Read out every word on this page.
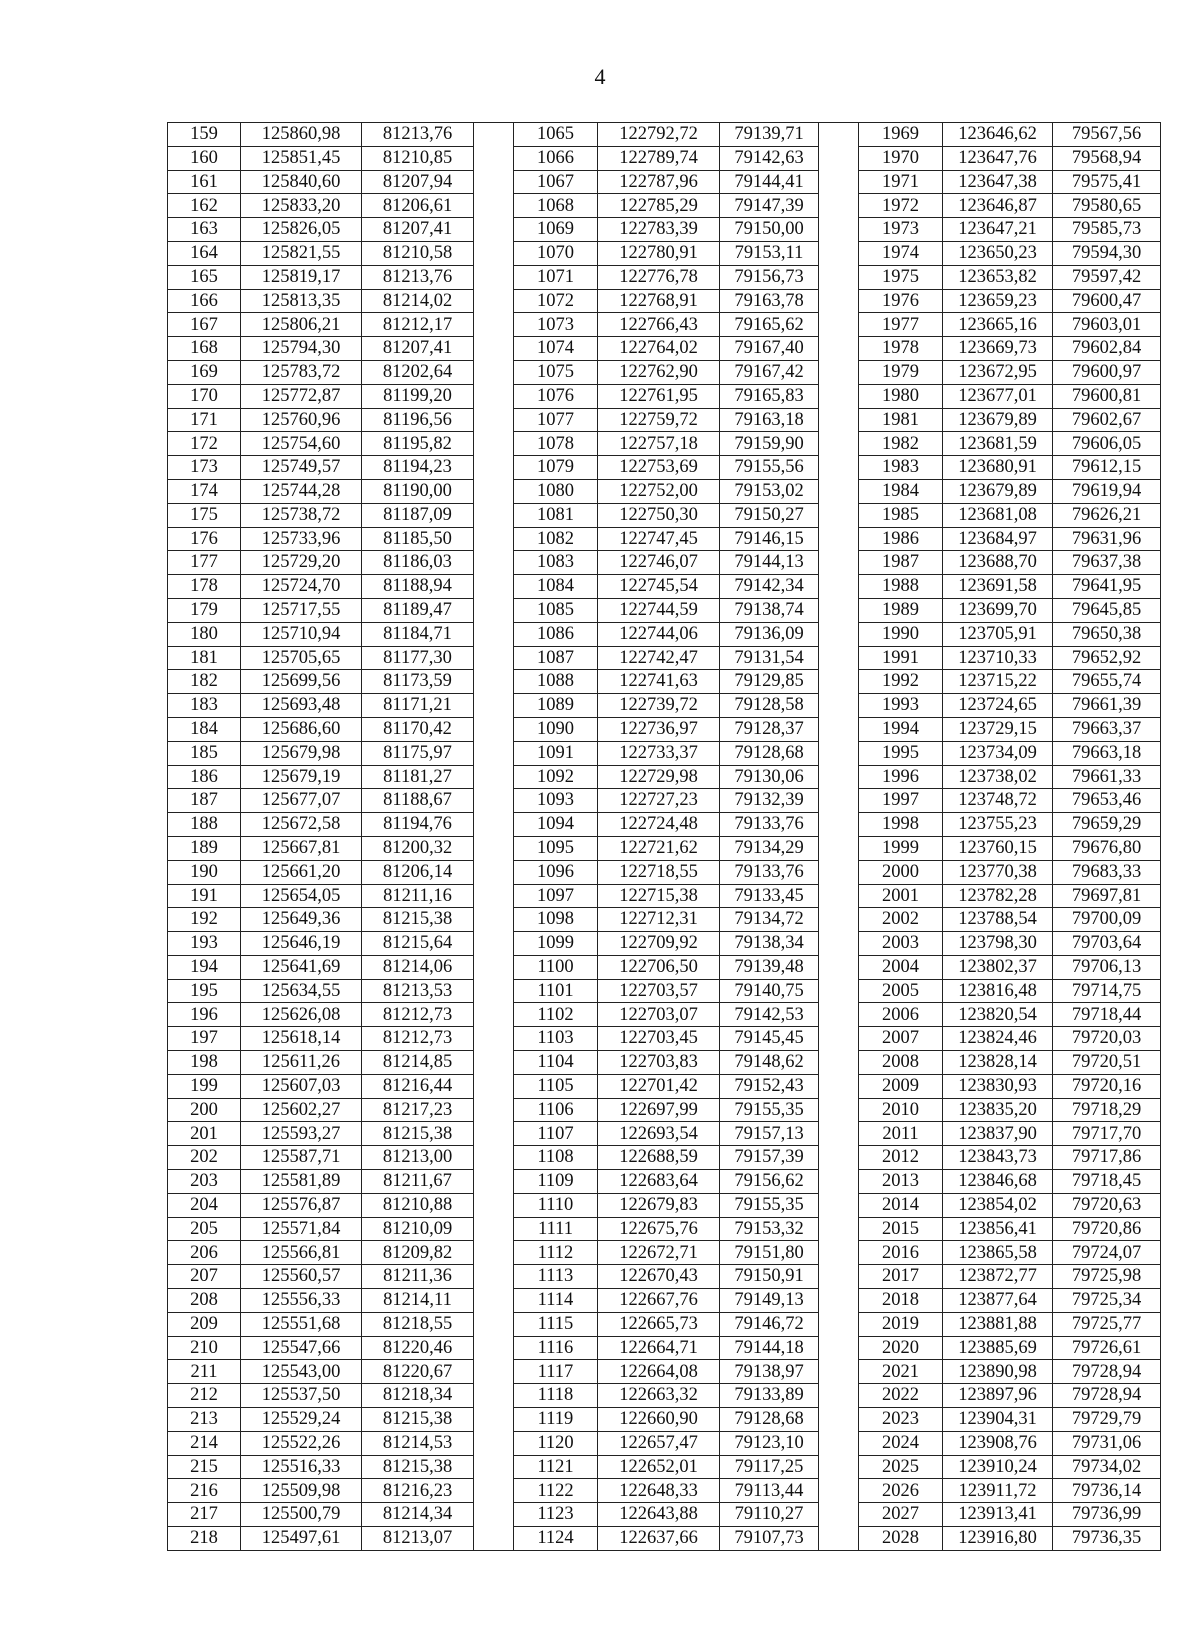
4
159	125860,98	81213,76		1065	122792,72	79139,71		1969	123646,62	79567,56
160	125851,45	81210,85		1066	122789,74	79142,63		1970	123647,76	79568,94
161	125840,60	81207,94		1067	122787,96	79144,41		1971	123647,38	79575,41
162	125833,20	81206,61		1068	122785,29	79147,39		1972	123646,87	79580,65
163	125826,05	81207,41		1069	122783,39	79150,00		1973	123647,21	79585,73
164	125821,55	81210,58		1070	122780,91	79153,11		1974	123650,23	79594,30
165	125819,17	81213,76		1071	122776,78	79156,73		1975	123653,82	79597,42
166	125813,35	81214,02		1072	122768,91	79163,78		1976	123659,23	79600,47
167	125806,21	81212,17		1073	122766,43	79165,62		1977	123665,16	79603,01
168	125794,30	81207,41		1074	122764,02	79167,40		1978	123669,73	79602,84
169	125783,72	81202,64		1075	122762,90	79167,42		1979	123672,95	79600,97
170	125772,87	81199,20		1076	122761,95	79165,83		1980	123677,01	79600,81
171	125760,96	81196,56		1077	122759,72	79163,18		1981	123679,89	79602,67
172	125754,60	81195,82		1078	122757,18	79159,90		1982	123681,59	79606,05
173	125749,57	81194,23		1079	122753,69	79155,56		1983	123680,91	79612,15
174	125744,28	81190,00		1080	122752,00	79153,02		1984	123679,89	79619,94
175	125738,72	81187,09		1081	122750,30	79150,27		1985	123681,08	79626,21
176	125733,96	81185,50		1082	122747,45	79146,15		1986	123684,97	79631,96
177	125729,20	81186,03		1083	122746,07	79144,13		1987	123688,70	79637,38
178	125724,70	81188,94		1084	122745,54	79142,34		1988	123691,58	79641,95
179	125717,55	81189,47		1085	122744,59	79138,74		1989	123699,70	79645,85
180	125710,94	81184,71		1086	122744,06	79136,09		1990	123705,91	79650,38
181	125705,65	81177,30		1087	122742,47	79131,54		1991	123710,33	79652,92
182	125699,56	81173,59		1088	122741,63	79129,85		1992	123715,22	79655,74
183	125693,48	81171,21		1089	122739,72	79128,58		1993	123724,65	79661,39
184	125686,60	81170,42		1090	122736,97	79128,37		1994	123729,15	79663,37
185	125679,98	81175,97		1091	122733,37	79128,68		1995	123734,09	79663,18
186	125679,19	81181,27		1092	122729,98	79130,06		1996	123738,02	79661,33
187	125677,07	81188,67		1093	122727,23	79132,39		1997	123748,72	79653,46
188	125672,58	81194,76		1094	122724,48	79133,76		1998	123755,23	79659,29
189	125667,81	81200,32		1095	122721,62	79134,29		1999	123760,15	79676,80
190	125661,20	81206,14		1096	122718,55	79133,76		2000	123770,38	79683,33
191	125654,05	81211,16		1097	122715,38	79133,45		2001	123782,28	79697,81
192	125649,36	81215,38		1098	122712,31	79134,72		2002	123788,54	79700,09
193	125646,19	81215,64		1099	122709,92	79138,34		2003	123798,30	79703,64
194	125641,69	81214,06		1100	122706,50	79139,48		2004	123802,37	79706,13
195	125634,55	81213,53		1101	122703,57	79140,75		2005	123816,48	79714,75
196	125626,08	81212,73		1102	122703,07	79142,53		2006	123820,54	79718,44
197	125618,14	81212,73		1103	122703,45	79145,45		2007	123824,46	79720,03
198	125611,26	81214,85		1104	122703,83	79148,62		2008	123828,14	79720,51
199	125607,03	81216,44		1105	122701,42	79152,43		2009	123830,93	79720,16
200	125602,27	81217,23		1106	122697,99	79155,35		2010	123835,20	79718,29
201	125593,27	81215,38		1107	122693,54	79157,13		2011	123837,90	79717,70
202	125587,71	81213,00		1108	122688,59	79157,39		2012	123843,73	79717,86
203	125581,89	81211,67		1109	122683,64	79156,62		2013	123846,68	79718,45
204	125576,87	81210,88		1110	122679,83	79155,35		2014	123854,02	79720,63
205	125571,84	81210,09		1111	122675,76	79153,32		2015	123856,41	79720,86
206	125566,81	81209,82		1112	122672,71	79151,80		2016	123865,58	79724,07
207	125560,57	81211,36		1113	122670,43	79150,91		2017	123872,77	79725,98
208	125556,33	81214,11		1114	122667,76	79149,13		2018	123877,64	79725,34
209	125551,68	81218,55		1115	122665,73	79146,72		2019	123881,88	79725,77
210	125547,66	81220,46		1116	122664,71	79144,18		2020	123885,69	79726,61
211	125543,00	81220,67		1117	122664,08	79138,97		2021	123890,98	79728,94
212	125537,50	81218,34		1118	122663,32	79133,89		2022	123897,96	79728,94
213	125529,24	81215,38		1119	122660,90	79128,68		2023	123904,31	79729,79
214	125522,26	81214,53		1120	122657,47	79123,10		2024	123908,76	79731,06
215	125516,33	81215,38		1121	122652,01	79117,25		2025	123910,24	79734,02
216	125509,98	81216,23		1122	122648,33	79113,44		2026	123911,72	79736,14
217	125500,79	81214,34		1123	122643,88	79110,27		2027	123913,41	79736,99
218	125497,61	81213,07		1124	122637,66	79107,73		2028	123916,80	79736,35
